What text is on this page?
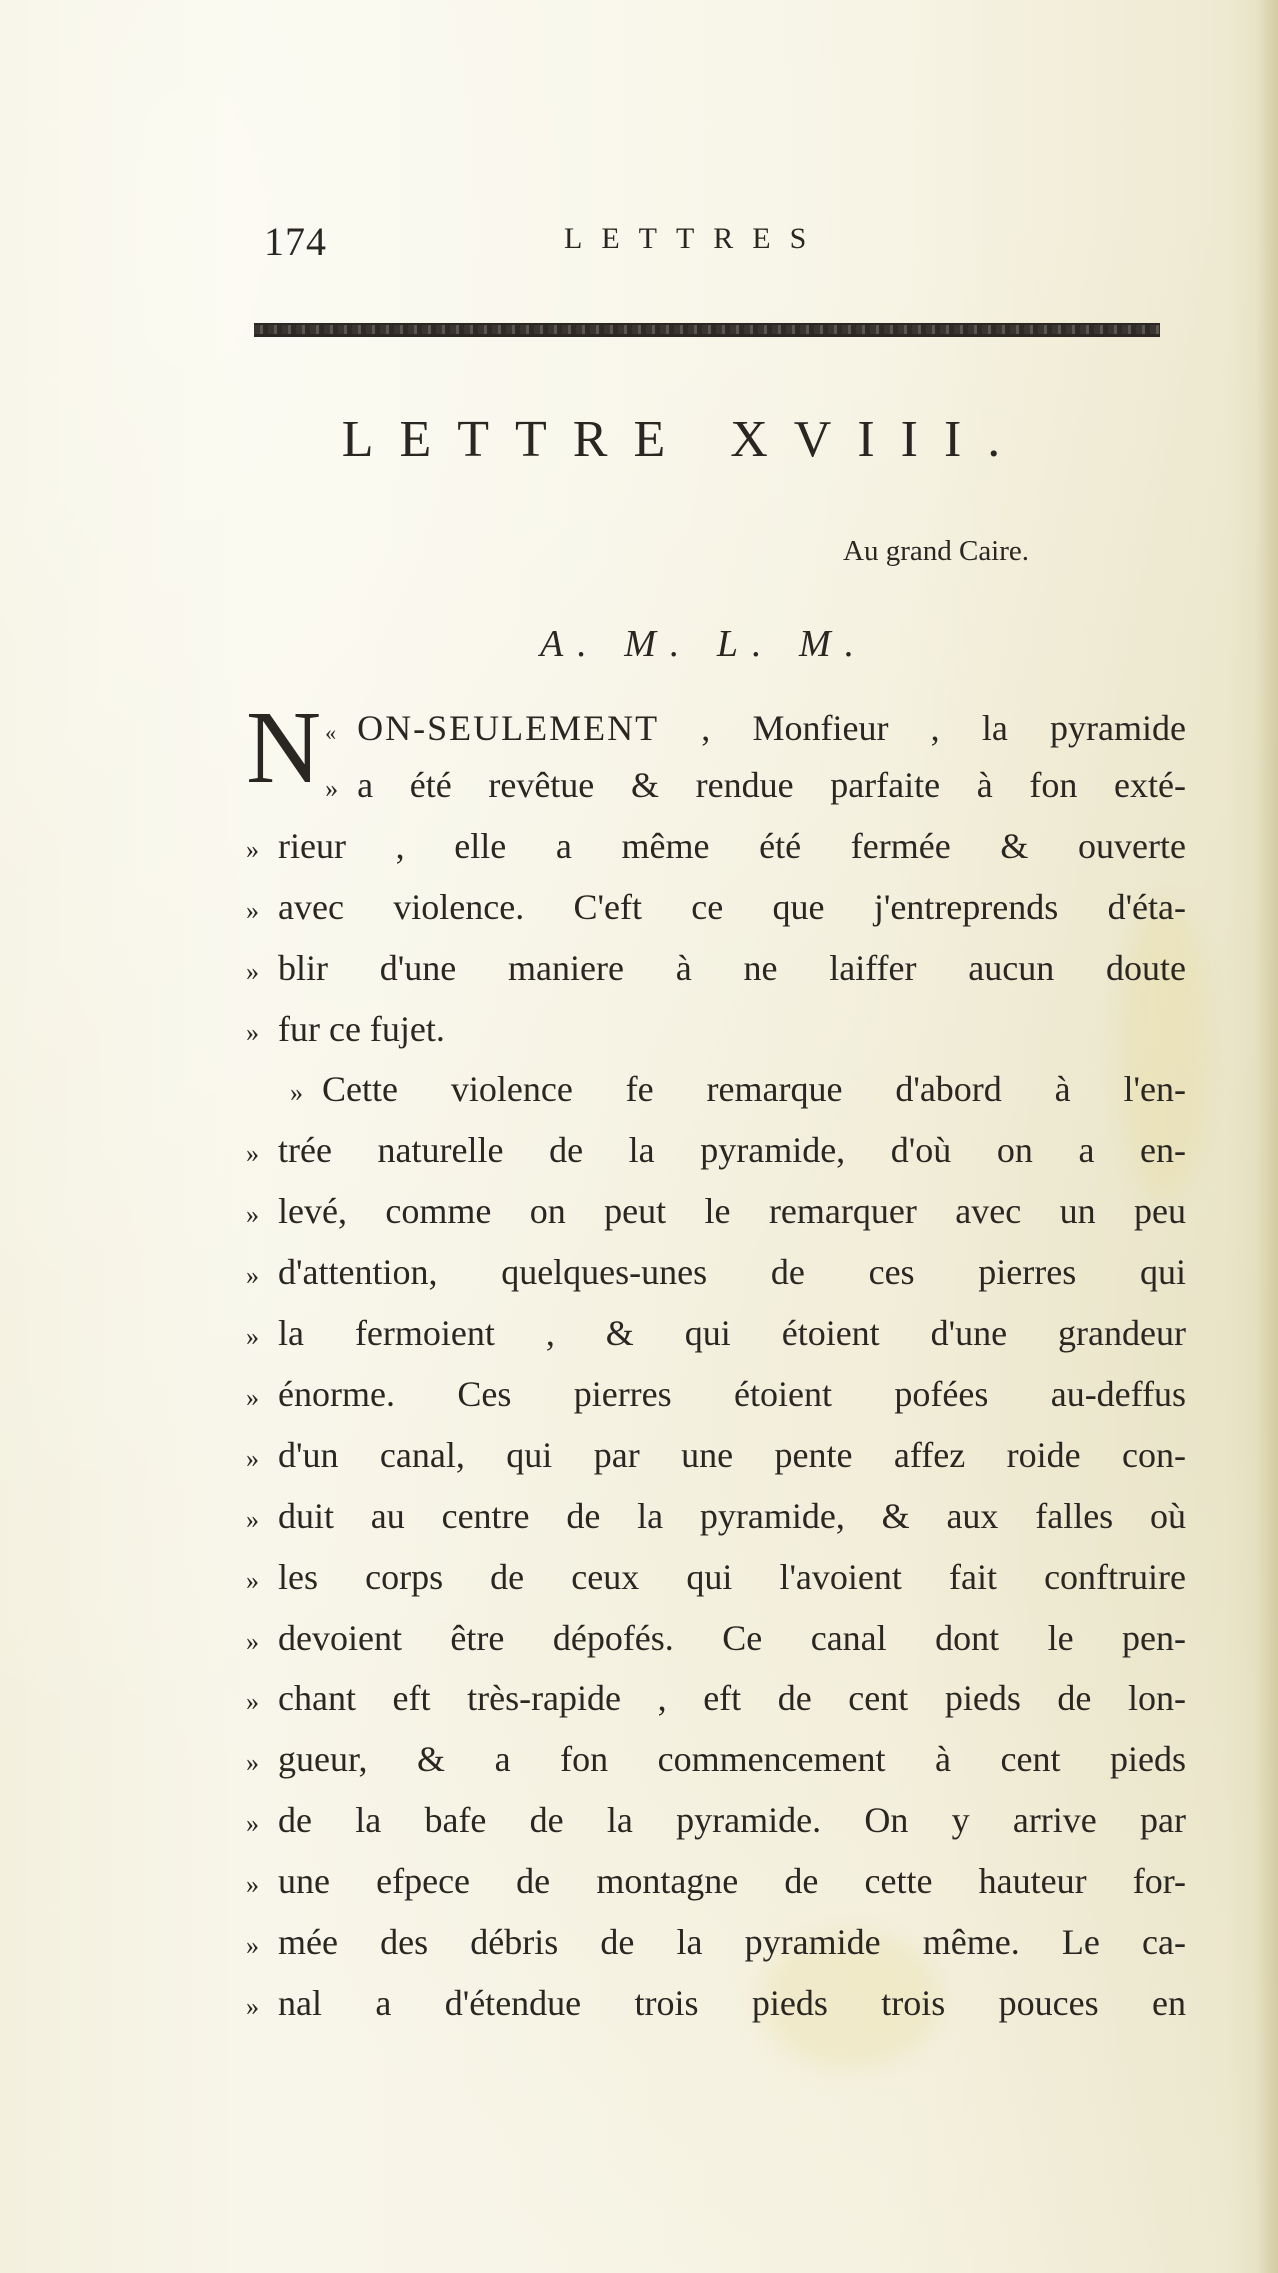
174	LETTRES
LETTRE XVIII.
Au grand Caire.
A. M. L. M.
«
N ON-SEULEMENT , Monfieur , la pyramide
» a été revêtue & rendue parfaite à fon exté-
» rieur , elle a même été fermée & ouverte
» avec violence. C'eft ce que j'entreprends d'éta-
» blir d'une maniere à ne laiffer aucun doute
» fur ce fujet.
» Cette violence fe remarque d'abord à l'en-
» trée naturelle de la pyramide, d'où on a en-
» levé, comme on peut le remarquer avec un peu
» d'attention, quelques-unes de ces pierres qui
» la fermoient , & qui étoient d'une grandeur
» énorme. Ces pierres étoient pofées au-deffus
» d'un canal, qui par une pente affez roide con-
» duit au centre de la pyramide, & aux falles où
» les corps de ceux qui l'avoient fait conftruire
» devoient être dépofés. Ce canal dont le pen-
» chant eft très-rapide , eft de cent pieds de lon-
» gueur, & a fon commencement à cent pieds
» de la bafe de la pyramide. On y arrive par
» une efpece de montagne de cette hauteur for-
» mée des débris de la pyramide même. Le ca-
» nal a d'étendue trois pieds trois pouces en
